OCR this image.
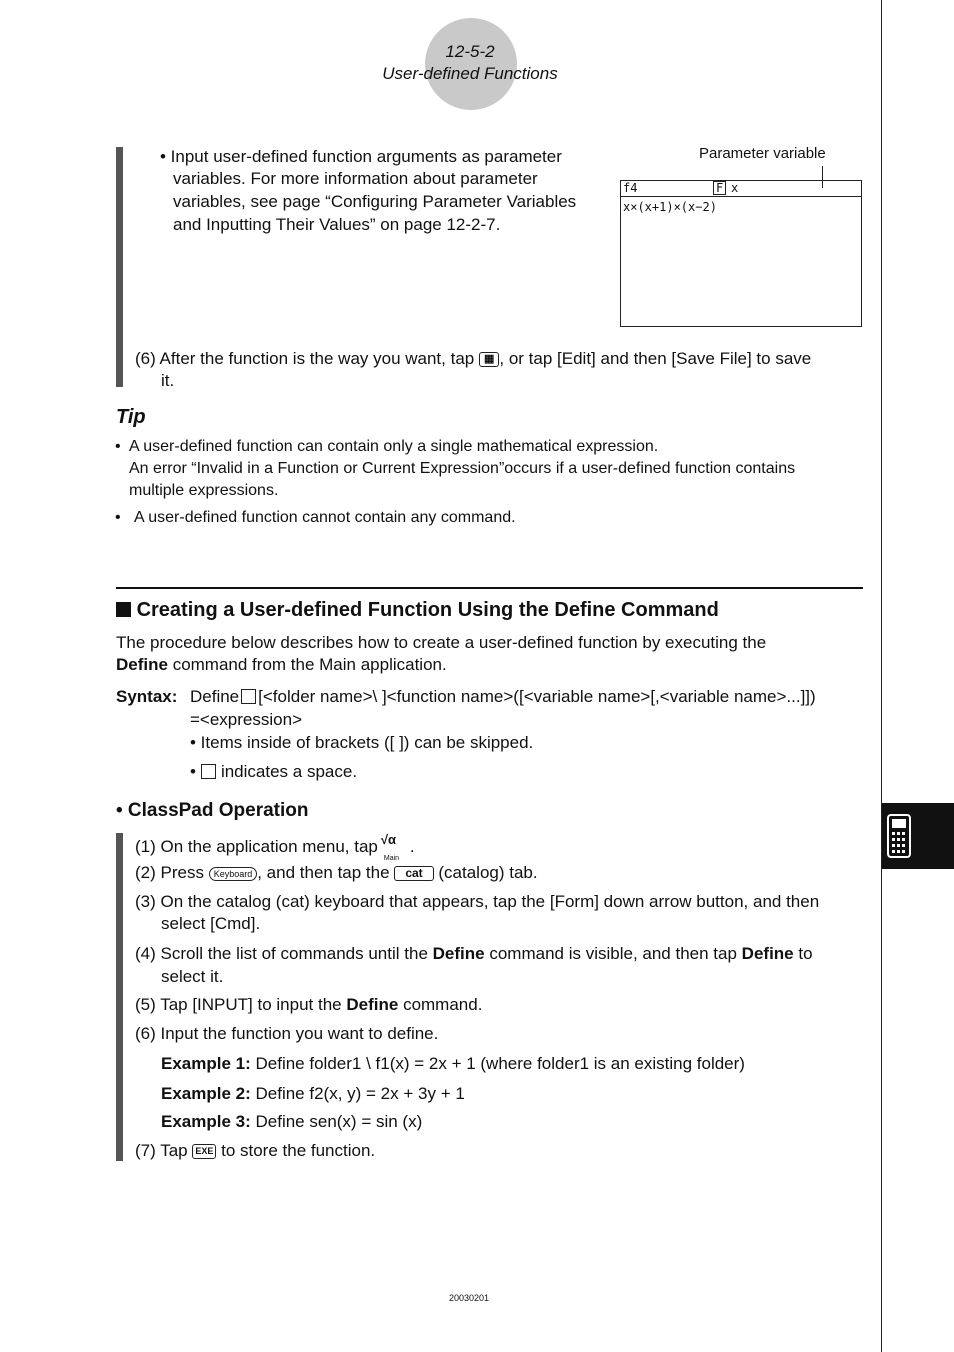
12-5-2
User-defined Functions
• Input user-defined function arguments as parameter
variables. For more information about parameter
variables, see page “Configuring Parameter Variables
and Inputting Their Values” on page 12-2-7.
Parameter variable
f4	F x
x×(x+1)×(x−2)
(6) After the function is the way you want, tap ▦ , or tap [Edit] and then [Save File] to save
it.
Tip
• A user-defined function can contain only a single mathematical expression.
An error “Invalid in a Function or Current Expression”occurs if a user-defined function contains
multiple expressions.
• A user-defined function cannot contain any command.
Creating a User-defined Function Using the Define Command
The procedure below describes how to create a user-defined function by executing the
Define command from the Main application.
Syntax: Define [<folder name>\ ]<function name>([<variable name>[,<variable name>...]])
=<expression>
• Items inside of brackets ([ ]) can be skipped.
• indicates a space.
• ClassPad Operation
(1) On the application menu, tap √α
Main
.
(2) Press Keyboard , and then tap the cat (catalog) tab.
(3) On the catalog (cat) keyboard that appears, tap the [Form] down arrow button, and then
select [Cmd].
(4) Scroll the list of commands until the Define command is visible, and then tap Define to
select it.
(5) Tap [INPUT] to input the Define command.
(6) Input the function you want to define.
Example 1: Define folder1 \ f1(x) = 2x + 1 (where folder1 is an existing folder)
Example 2: Define f2(x, y) = 2x + 3y + 1
Example 3: Define sen(x) = sin (x)
(7) Tap EXE to store the function.
20030201
